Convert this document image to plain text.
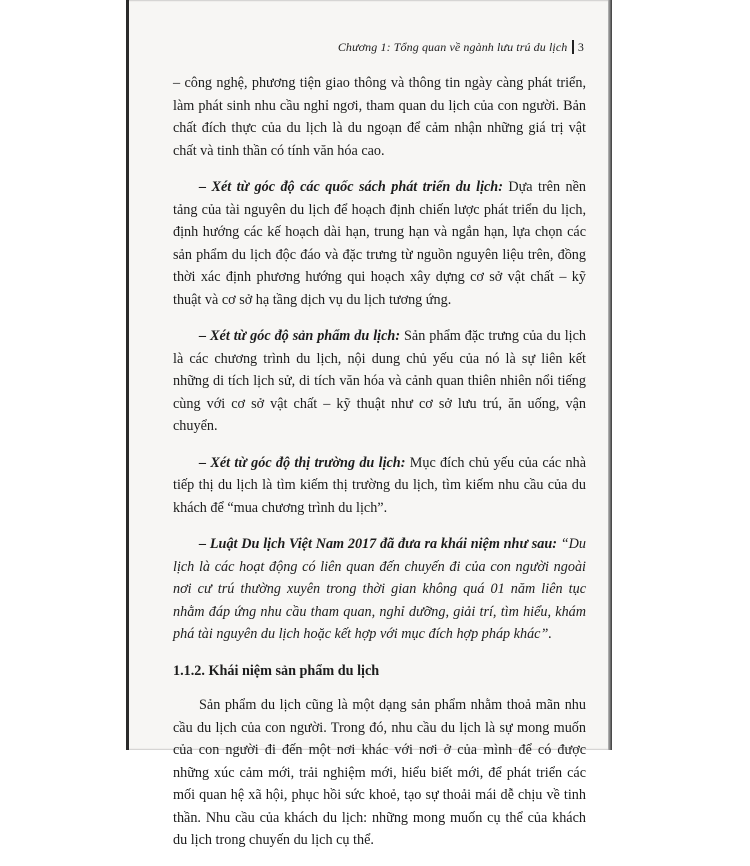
Chương 1: Tổng quan về ngành lưu trú du lịch 3

– công nghệ, phương tiện giao thông và thông tin ngày càng phát triển, làm phát sinh nhu cầu nghỉ ngơi, tham quan du lịch của con người. Bản chất đích thực của du lịch là du ngoạn để cảm nhận những giá trị vật chất và tinh thần có tính văn hóa cao.

– Xét từ góc độ các quốc sách phát triển du lịch: Dựa trên nền tảng của tài nguyên du lịch để hoạch định chiến lược phát triển du lịch, định hướng các kế hoạch dài hạn, trung hạn và ngắn hạn, lựa chọn các sản phẩm du lịch độc đáo và đặc trưng từ nguồn nguyên liệu trên, đồng thời xác định phương hướng qui hoạch xây dựng cơ sở vật chất – kỹ thuật và cơ sở hạ tầng dịch vụ du lịch tương ứng.

– Xét từ góc độ sản phẩm du lịch: Sản phẩm đặc trưng của du lịch là các chương trình du lịch, nội dung chủ yếu của nó là sự liên kết những di tích lịch sử, di tích văn hóa và cảnh quan thiên nhiên nổi tiếng cùng với cơ sở vật chất – kỹ thuật như cơ sở lưu trú, ăn uống, vận chuyển.

– Xét từ góc độ thị trường du lịch: Mục đích chủ yếu của các nhà tiếp thị du lịch là tìm kiếm thị trường du lịch, tìm kiếm nhu cầu của du khách để “mua chương trình du lịch”.

– Luật Du lịch Việt Nam 2017 đã đưa ra khái niệm như sau: “Du lịch là các hoạt động có liên quan đến chuyến đi của con người ngoài nơi cư trú thường xuyên trong thời gian không quá 01 năm liên tục nhằm đáp ứng nhu cầu tham quan, nghỉ dưỡng, giải trí, tìm hiểu, khám phá tài nguyên du lịch hoặc kết hợp với mục đích hợp pháp khác”.

1.1.2. Khái niệm sản phẩm du lịch

Sản phẩm du lịch cũng là một dạng sản phẩm nhằm thoả mãn nhu cầu du lịch của con người. Trong đó, nhu cầu du lịch là sự mong muốn của con người đi đến một nơi khác với nơi ở của mình để có được những xúc cảm mới, trải nghiệm mới, hiểu biết mới, để phát triển các mối quan hệ xã hội, phục hồi sức khoẻ, tạo sự thoải mái dễ chịu về tinh thần. Nhu cầu của khách du lịch: những mong muốn cụ thể của khách du lịch trong chuyến du lịch cụ thể.
